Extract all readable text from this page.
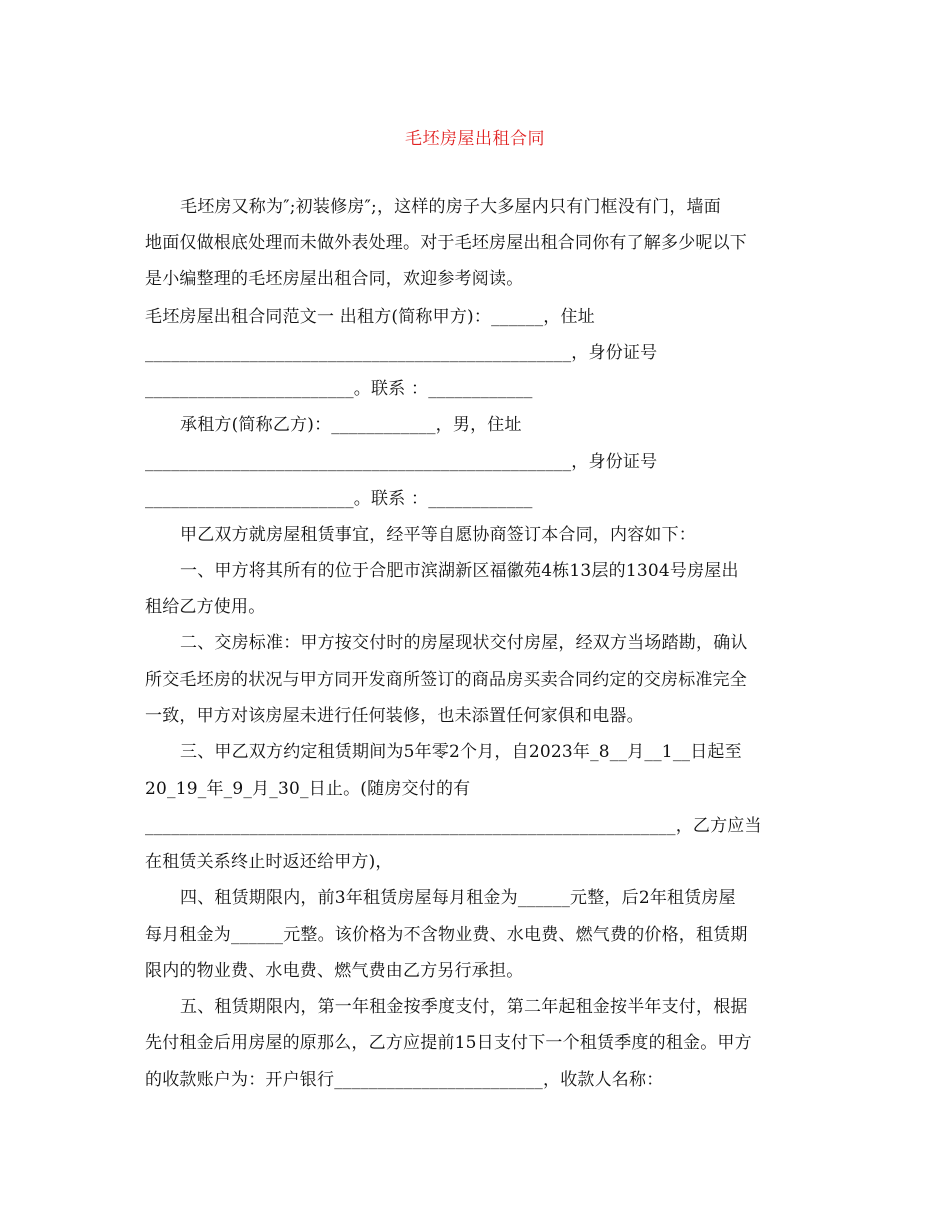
毛坯房屋出租合同
毛坯房又称为″;初装修房″;，这样的房子大多屋内只有门框没有门，墙面
地面仅做根底处理而未做外表处理。对于毛坯房屋出租合同你有了解多少呢以下
是小编整理的毛坯房屋出租合同，欢迎参考阅读。
毛坯房屋出租合同范文一 出租方(简称甲方)：______，住址
_________________________________________________，身份证号
________________________。联系 ：____________
承租方(简称乙方)：____________，男，住址
_________________________________________________，身份证号
________________________。联系 ：____________
甲乙双方就房屋租赁事宜，经平等自愿协商签订本合同，内容如下：
一、甲方将其所有的位于合肥市滨湖新区福徽苑4栋13层的1304号房屋出
租给乙方使用。
二、交房标准：甲方按交付时的房屋现状交付房屋，经双方当场踏勘，确认
所交毛坯房的状况与甲方同开发商所签订的商品房买卖合同约定的交房标准完全
一致，甲方对该房屋未进行任何装修，也未添置任何家俱和电器。
三、甲乙双方约定租赁期间为5年零2个月，自2023年_8__月__1__日起至
20_19_年_9_月_30_日止。(随房交付的有
_____________________________________________________________，乙方应当
在租赁关系终止时返还给甲方)，
四、租赁期限内，前3年租赁房屋每月租金为______元整，后2年租赁房屋
每月租金为______元整。该价格为不含物业费、水电费、燃气费的价格，租赁期
限内的物业费、水电费、燃气费由乙方另行承担。
五、租赁期限内，第一年租金按季度支付，第二年起租金按半年支付，根据
先付租金后用房屋的原那么，乙方应提前15日支付下一个租赁季度的租金。甲方
的收款账户为：开户银行________________________，收款人名称：
